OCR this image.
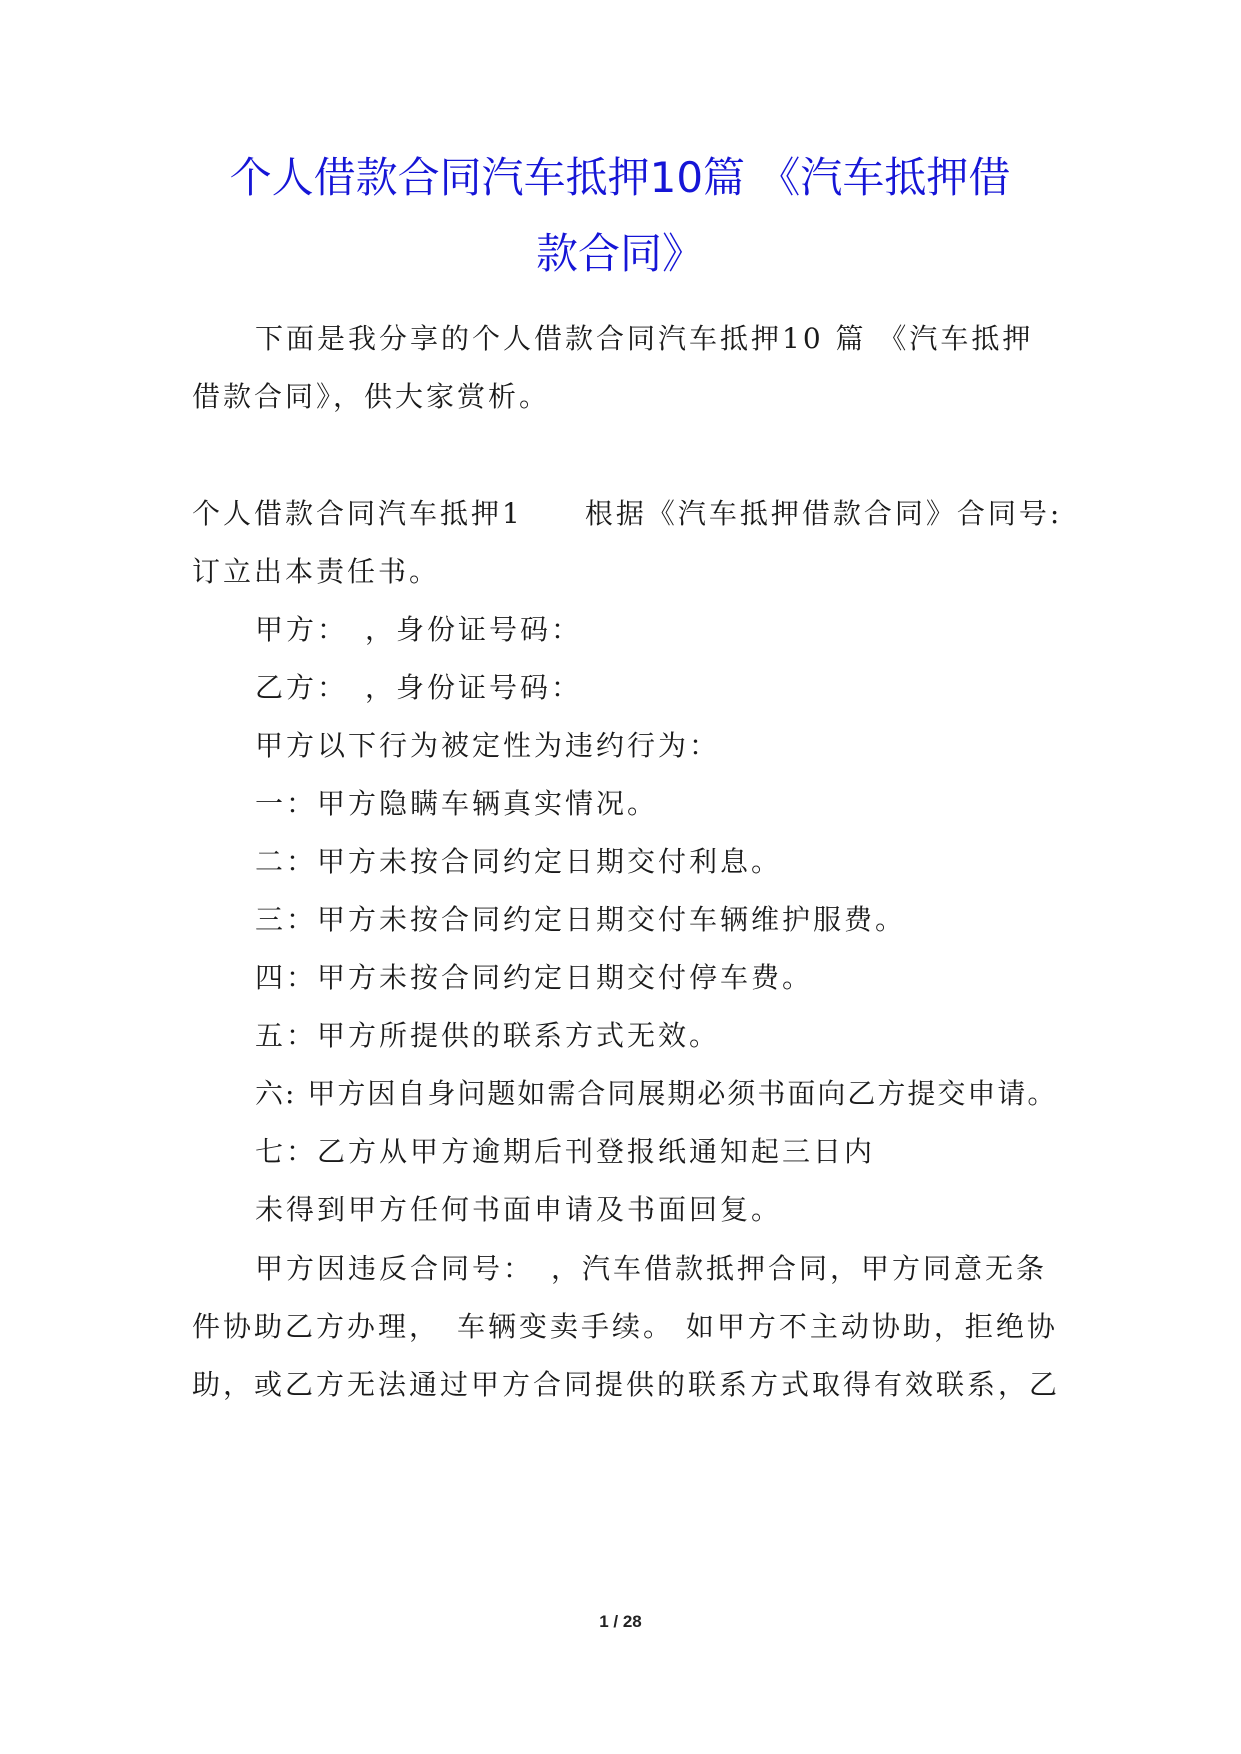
个人借款合同汽车抵押10篇 《汽车抵押借
款合同》

下面是我分享的个人借款合同汽车抵押10 篇 《汽车抵押

借款合同》，供大家赏析。

个人借款合同汽车抵押1　　根据《汽车抵押借款合同》合同号:

订立出本责任书。

甲方：　，身份证号码：

乙方：　，身份证号码：

甲方以下行为被定性为违约行为：

一：甲方隐瞒车辆真实情况。

二：甲方未按合同约定日期交付利息。

三：甲方未按合同约定日期交付车辆维护服费。

四：甲方未按合同约定日期交付停车费。

五：甲方所提供的联系方式无效。

六: 甲方因自身问题如需合同展期必须书面向乙方提交申请。

七：乙方从甲方逾期后刊登报纸通知起三日内

未得到甲方任何书面申请及书面回复。

甲方因违反合同号：　，汽车借款抵押合同，甲方同意无条

件协助乙方办理，　车辆变卖手续。 如甲方不主动协助，拒绝协

助，或乙方无法通过甲方合同提供的联系方式取得有效联系，乙

1 / 28
